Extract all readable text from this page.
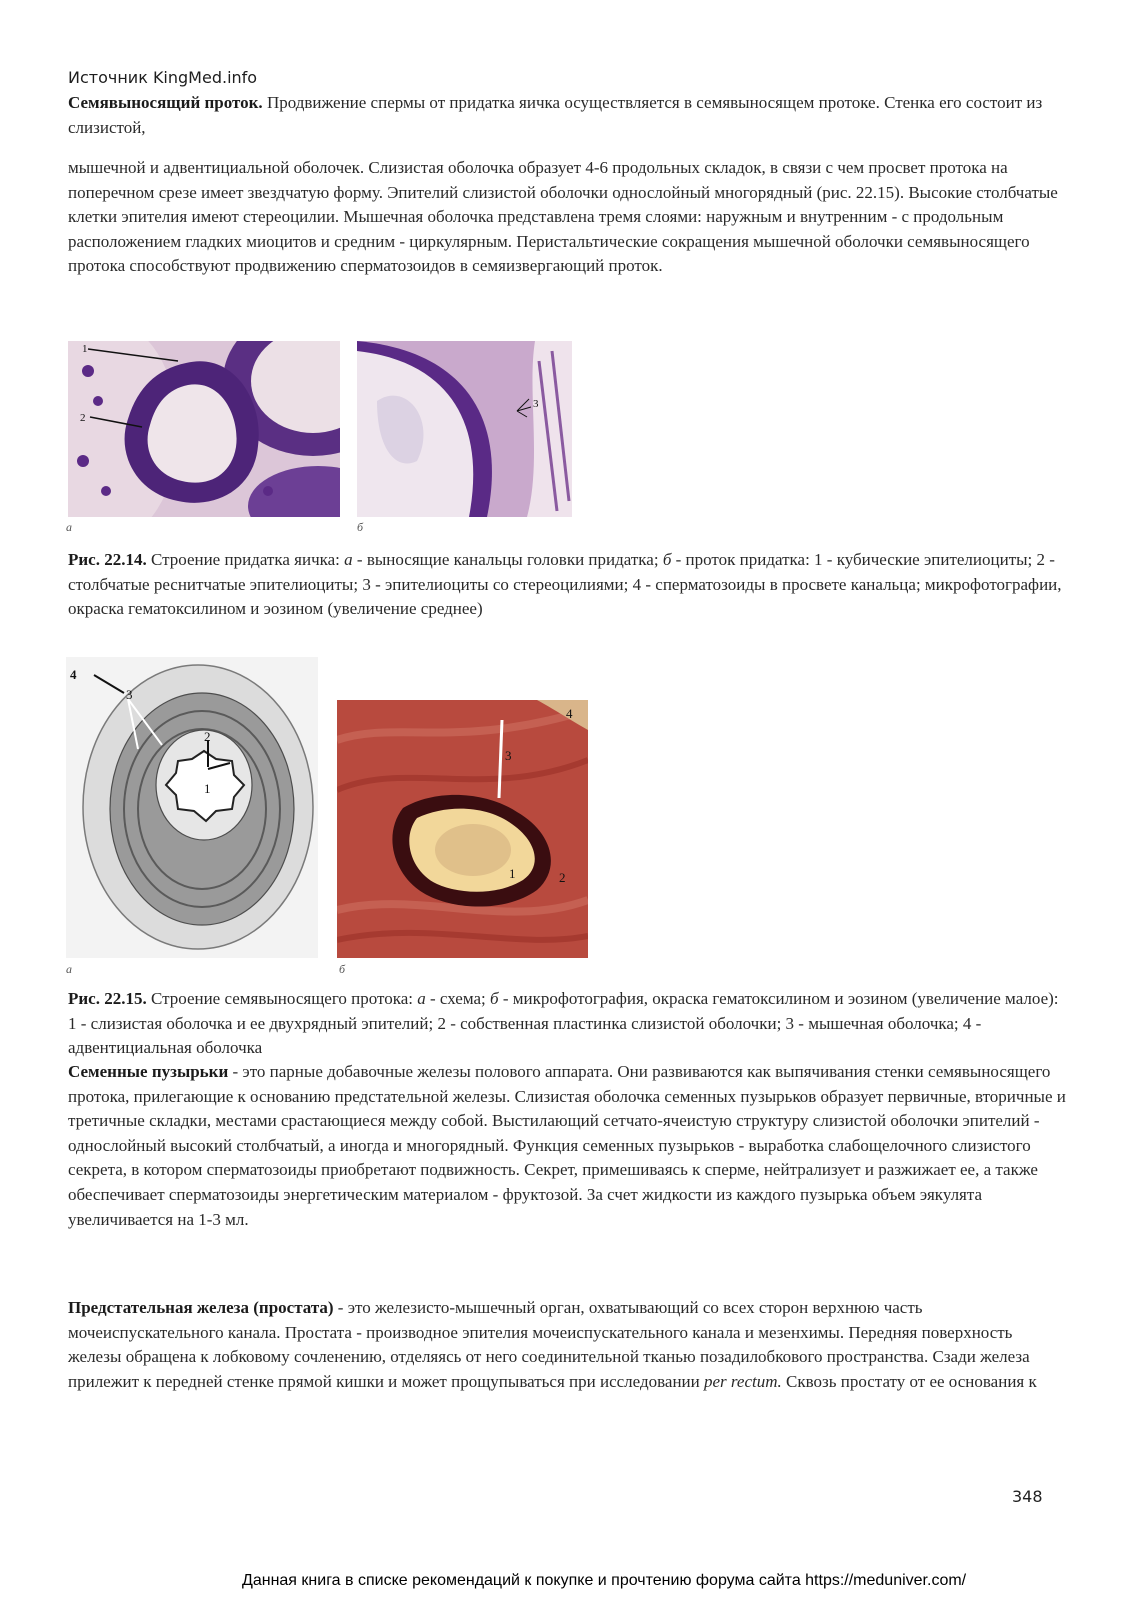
Источник KingMed.info

Семявыносящий проток. Продвижение спермы от придатка яичка осуществляется в семявыносящем протоке. Стенка его состоит из слизистой,

мышечной и адвентициальной оболочек. Слизистая оболочка образует 4-6 продольных складок, в связи с чем просвет протока на поперечном срезе имеет звездчатую форму. Эпителий слизистой оболочки однослойный многорядный (рис. 22.15). Высокие столбчатые клетки эпителия имеют стереоцилии. Мышечная оболочка представлена тремя слоями: наружным и внутренним - с продольным расположением гладких миоцитов и средним - циркулярным. Перистальтические сокращения мышечной оболочки семявыносящего протока способствуют продвижению сперматозоидов в семяизвергающий проток.

1
2
а
3
б

Рис. 22.14. Строение придатка яичка: а - выносящие канальцы головки придатка; б - проток придатка: 1 - кубические эпителиоциты; 2 - столбчатые реснитчатые эпителиоциты; 3 - эпителиоциты со стереоцилиями; 4 - сперматозоиды в просвете канальца; микрофотографии, окраска гематоксилином и эозином (увеличение среднее)

4
3
2
1
а
4
3
2
1
б

Рис. 22.15. Строение семявыносящего протока: а - схема; б - микрофотография, окраска гематоксилином и эозином (увеличение малое): 1 - слизистая оболочка и ее двухрядный эпителий; 2 - собственная пластинка слизистой оболочки; 3 - мышечная оболочка; 4 - адвентициальная оболочка

Семенные пузырьки - это парные добавочные железы полового аппарата. Они развиваются как выпячивания стенки семявыносящего протока, прилегающие к основанию предстательной железы. Слизистая оболочка семенных пузырьков образует первичные, вторичные и третичные складки, местами срастающиеся между собой. Выстилающий сетчато-ячеистую структуру слизистой оболочки эпителий - однослойный высокий столбчатый, а иногда и многорядный. Функция семенных пузырьков - выработка слабощелочного слизистого секрета, в котором сперматозоиды приобретают подвижность. Секрет, примешиваясь к сперме, нейтрализует и разжижает ее, а также обеспечивает сперматозоиды энергетическим материалом - фруктозой. За счет жидкости из каждого пузырька объем эякулята увеличивается на 1-3 мл.

Предстательная железа (простата) - это железисто-мышечный орган, охватывающий со всех сторон верхнюю часть мочеиспускательного канала. Простата - производное эпителия мочеиспускательного канала и мезенхимы. Передняя поверхность железы обращена к лобковому сочленению, отделяясь от него соединительной тканью позадилобкового пространства. Сзади железа прилежит к передней стенке прямой кишки и может прощупываться при исследовании per rectum. Сквозь простату от ее основания к

348
Данная книга в списке рекомендаций к покупке и прочтению форума сайта https://meduniver.com/
